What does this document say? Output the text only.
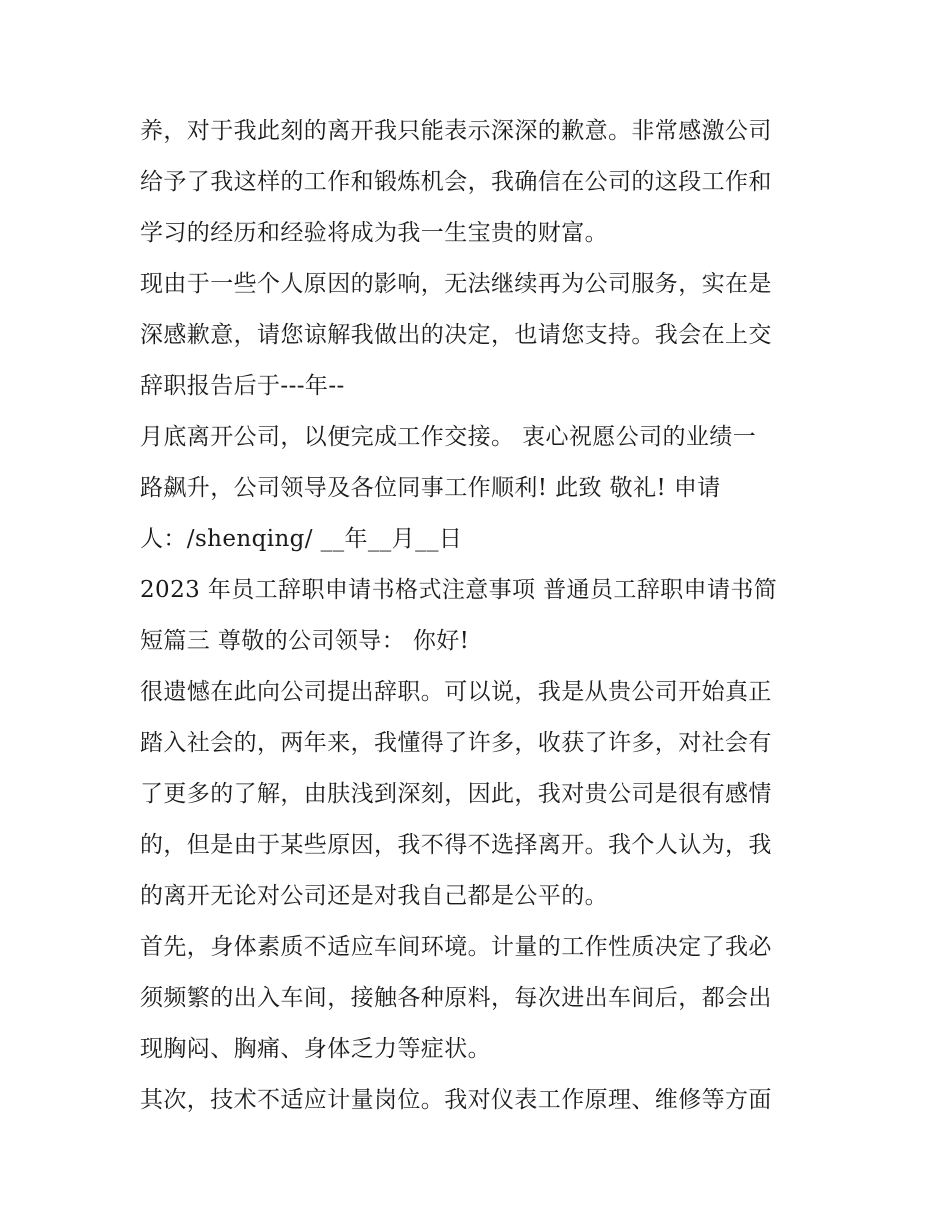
养，对于我此刻的离开我只能表示深深的歉意。非常感激公司

给予了我这样的工作和锻炼机会，我确信在公司的这段工作和

学习的经历和经验将成为我一生宝贵的财富。

现由于一些个人原因的影响，无法继续再为公司服务，实在是

深感歉意，请您谅解我做出的决定，也请您支持。我会在上交

辞职报告后于---年--

月底离开公司，以便完成工作交接。 衷心祝愿公司的业绩一

路飙升，公司领导及各位同事工作顺利! 此致 敬礼! 申请

人：/shenqing/ __年__月__日

2023 年员工辞职申请书格式注意事项 普通员工辞职申请书简

短篇三 尊敬的公司领导： 你好!

很遗憾在此向公司提出辞职。可以说，我是从贵公司开始真正

踏入社会的，两年来，我懂得了许多，收获了许多，对社会有

了更多的了解，由肤浅到深刻，因此，我对贵公司是很有感情

的，但是由于某些原因，我不得不选择离开。我个人认为，我

的离开无论对公司还是对我自己都是公平的。

首先，身体素质不适应车间环境。计量的工作性质决定了我必

须频繁的出入车间，接触各种原料，每次进出车间后，都会出

现胸闷、胸痛、身体乏力等症状。

其次，技术不适应计量岗位。我对仪表工作原理、维修等方面
